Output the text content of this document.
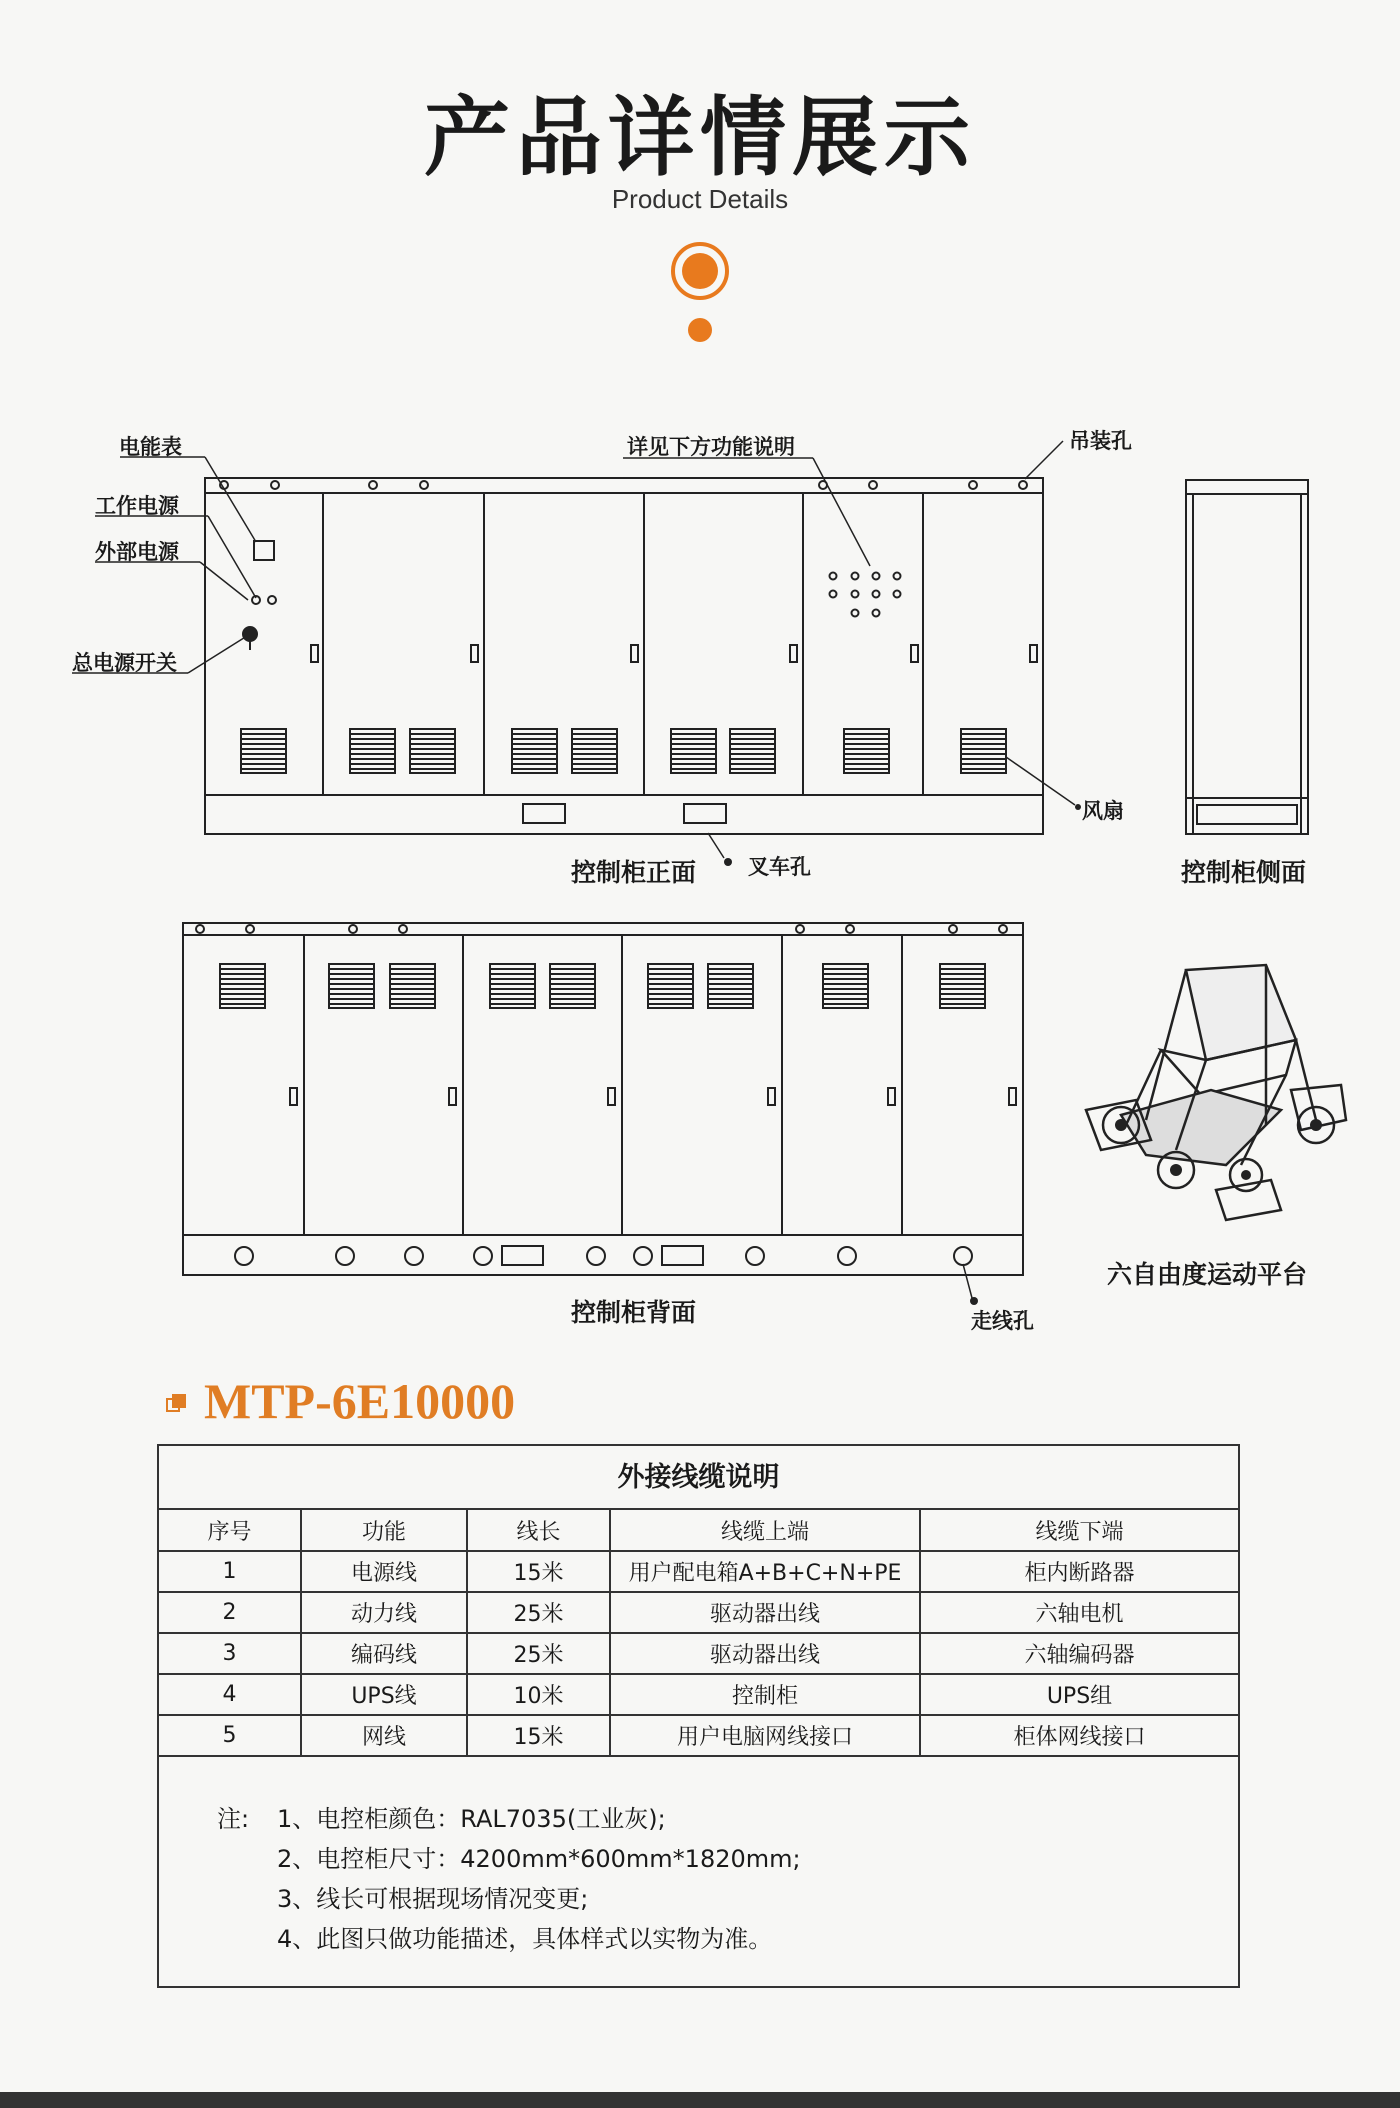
产品详情展示
Product Details
电能表
工作电源
外部电源
总电源开关
详见下方功能说明	吊装孔
风扇
叉车孔
控制柜正面	控制柜侧面
控制柜背面	走线孔
六自由度运动平台
MTP-6E10000
外接线缆说明
序号	功能	线长	线缆上端	线缆下端
1	电源线	15米	用户配电箱A+B+C+N+PE	柜内断路器
2	动力线	25米	驱动器出线	六轴电机
3	编码线	25米	驱动器出线	六轴编码器
4	UPS线	10米	控制柜	UPS组
5	网线	15米	用户电脑网线接口	柜体网线接口
注:	1、电控柜颜色：RAL7035(工业灰);
2、电控柜尺寸：4200mm*600mm*1820mm;
3、线长可根据现场情况变更;
4、此图只做功能描述，具体样式以实物为准。
